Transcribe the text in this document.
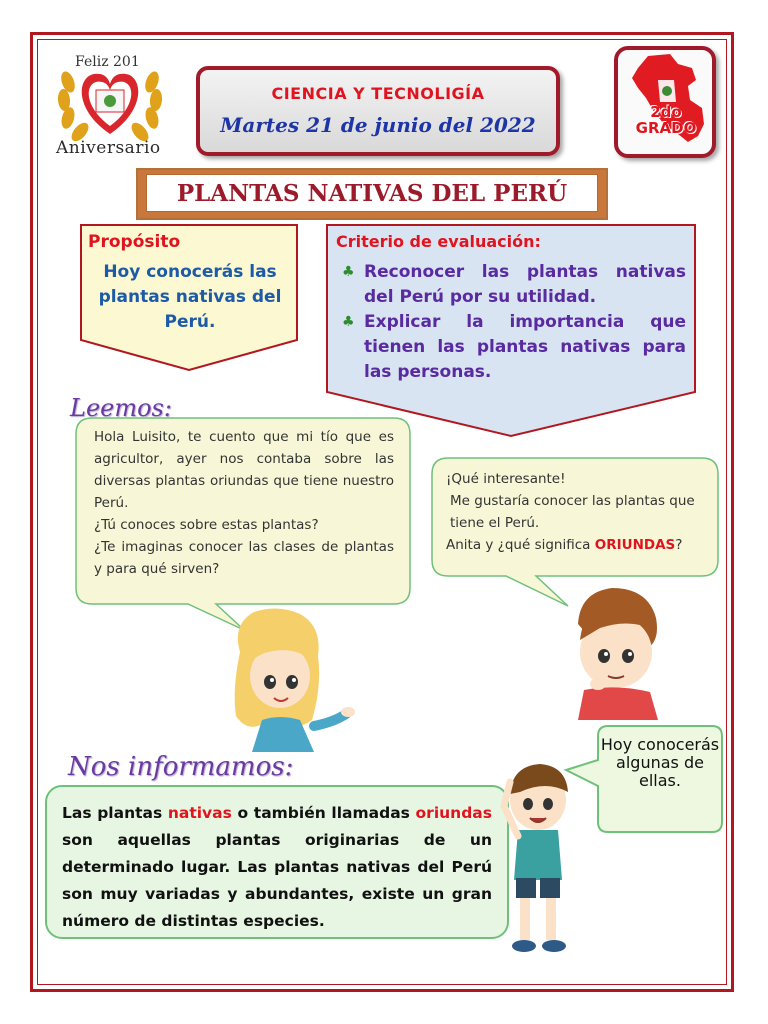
Feliz 201
Aniversario
CIENCIA Y TECNOLIGÍA
Martes 21 de junio del 2022
2do
GRADO
PLANTAS NATIVAS DEL PERÚ
Propósito
Hoy conocerás las plantas nativas del Perú.
Criterio de evaluación:
♣ Reconocer las plantas nativas del Perú por su utilidad.
♣ Explicar la importancia que tienen las plantas nativas para las personas.
Leemos:
Nos informamos:
Hola Luisito, te cuento que mi tío que es agricultor, ayer nos contaba sobre las diversas plantas oriundas que tiene nuestro Perú.
¿Tú conoces sobre estas plantas?
¿Te imaginas conocer las clases de plantas y para qué sirven?
¡Qué interesante!
Me gustaría conocer las plantas que tiene el Perú.
Anita y ¿qué significa ORIUNDAS?
Las plantas nativas o también llamadas oriundas son aquellas plantas originarias de un determinado lugar. Las plantas nativas del Perú son muy variadas y abundantes, existe un gran número de distintas especies.
Hoy conocerás algunas de ellas.
